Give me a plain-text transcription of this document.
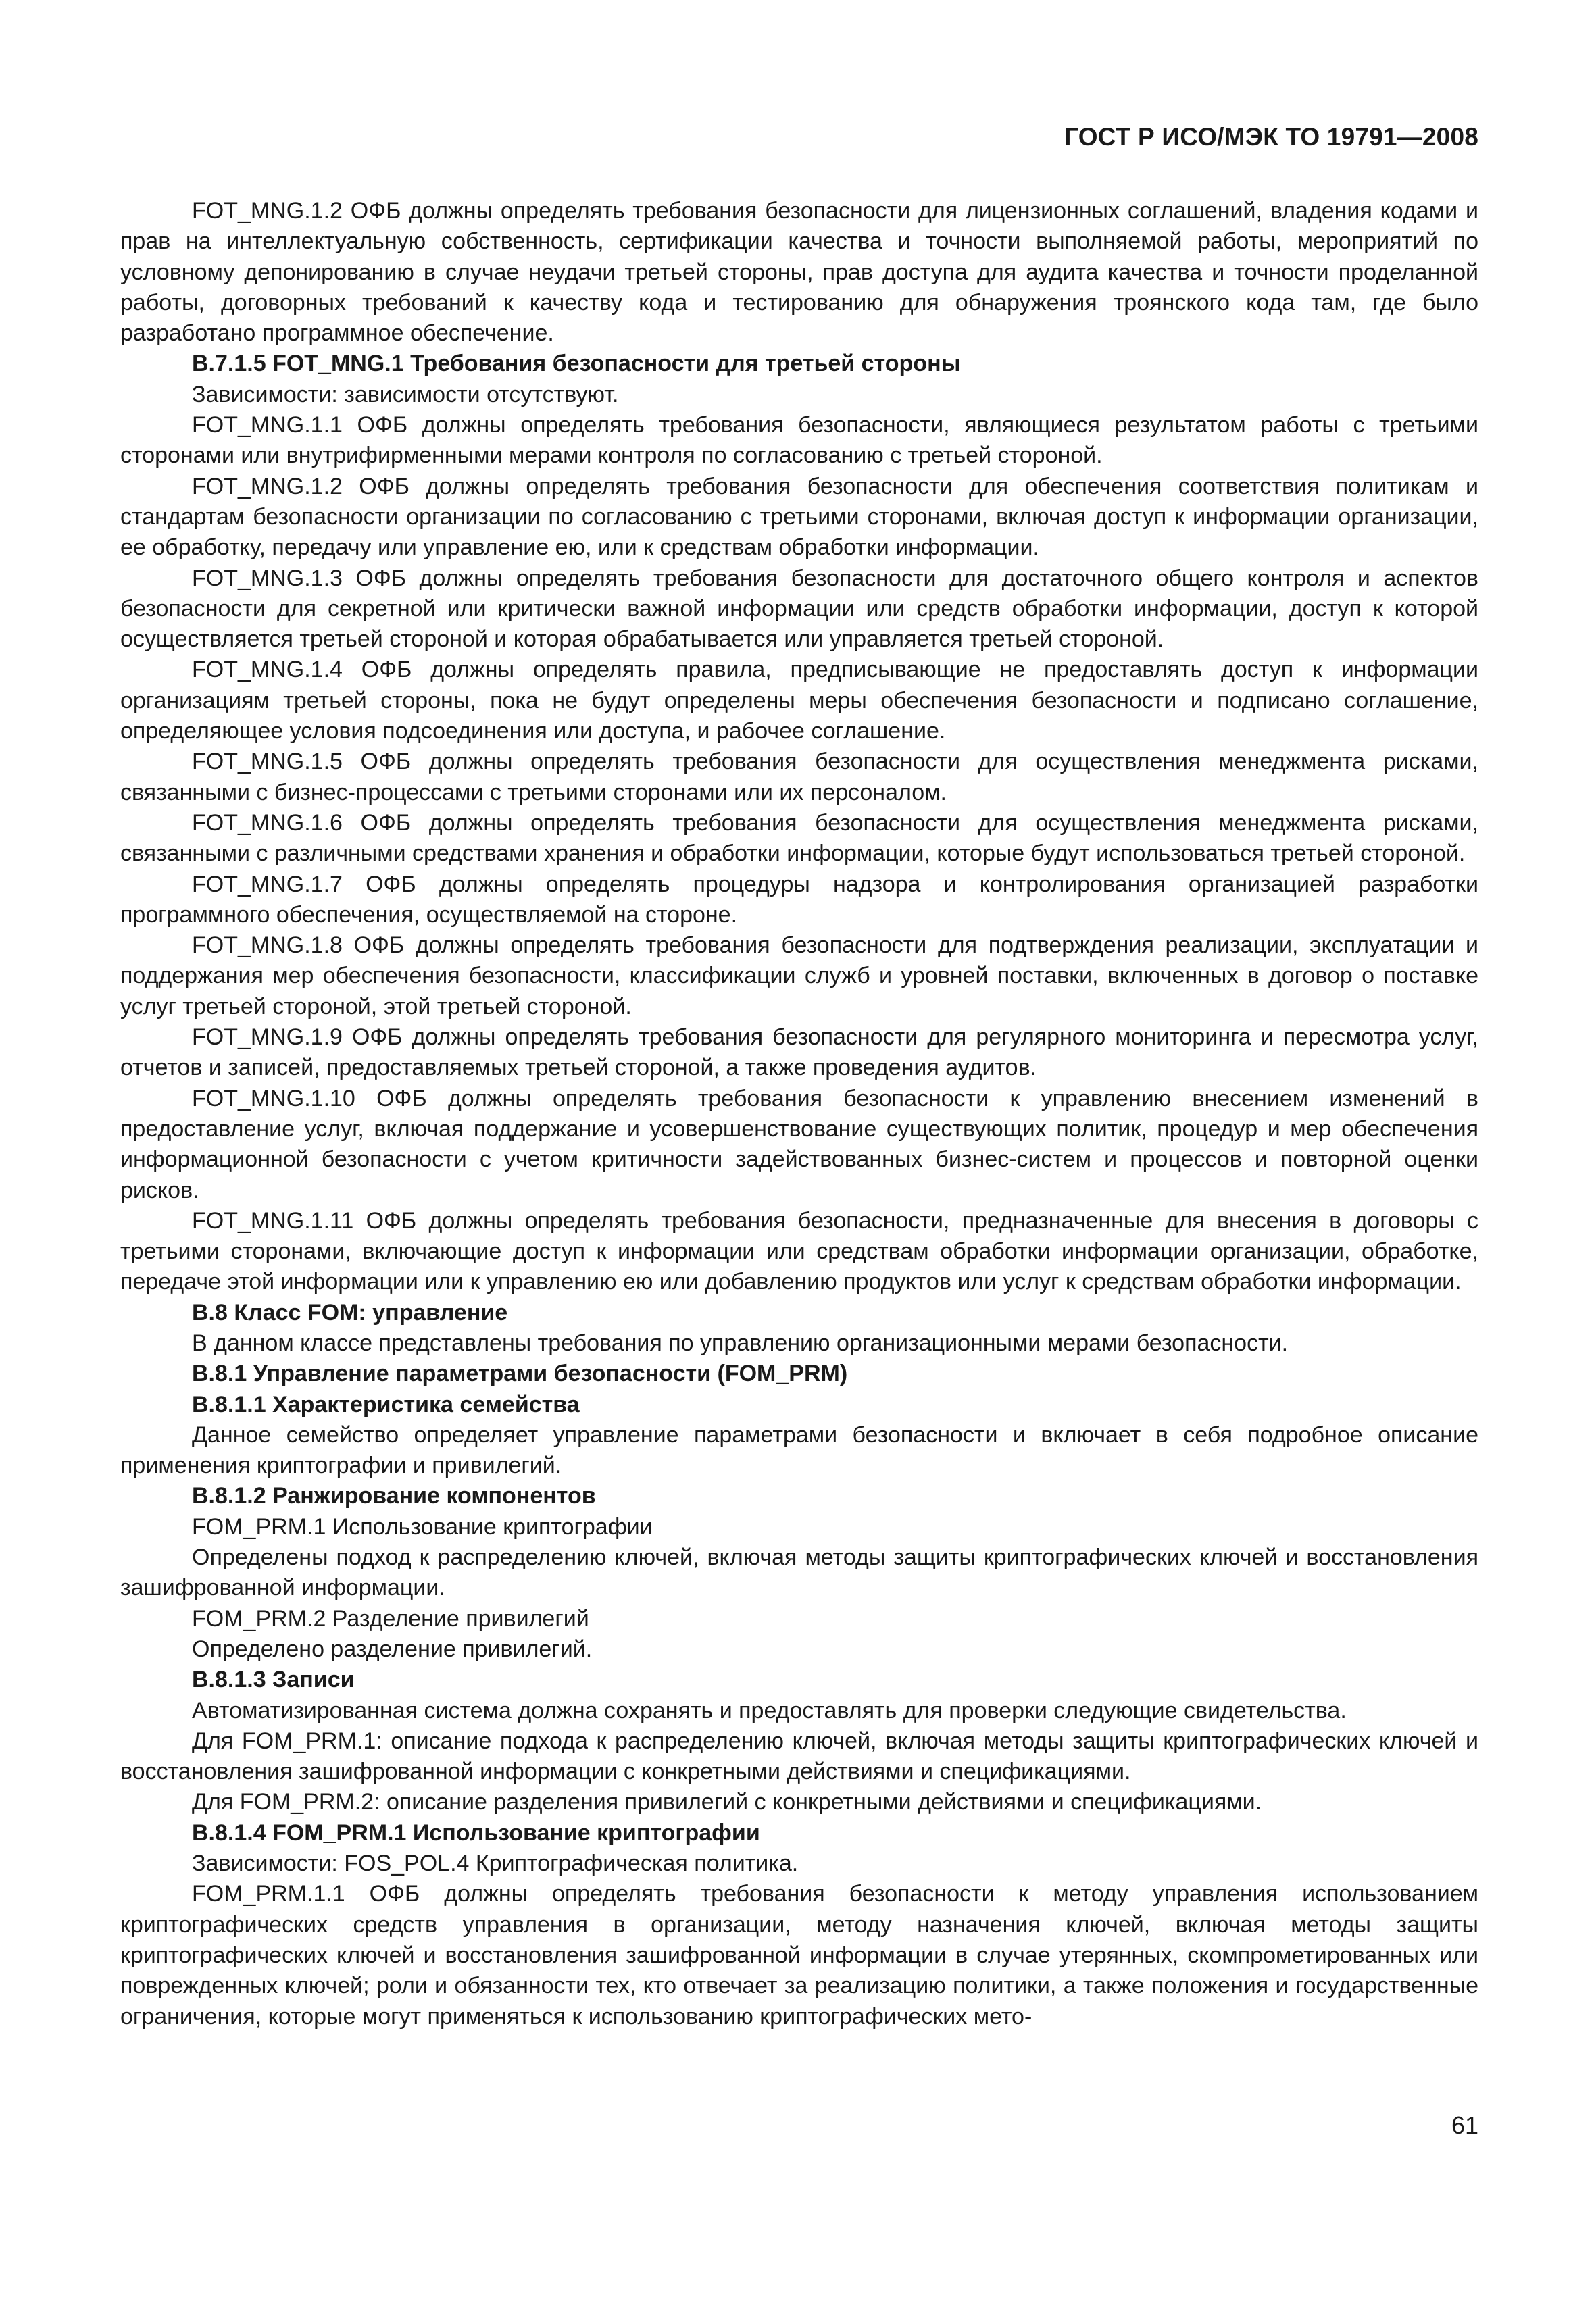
ГОСТ Р ИСО/МЭК ТО 19791—2008

FOT_MNG.1.2 ОФБ должны определять требования безопасности для лицензионных соглашений, владения кодами и прав на интеллектуальную собственность, сертификации качества и точности выполняемой работы, мероприятий по условному депонированию в случае неудачи третьей стороны, прав доступа для аудита качества и точности проделанной работы, договорных требований к качеству кода и тестированию для обнаружения троянского кода там, где было разработано программное обеспечение.

В.7.1.5 FOT_MNG.1 Требования безопасности для третьей стороны

Зависимости: зависимости отсутствуют.

FOT_MNG.1.1 ОФБ должны определять требования безопасности, являющиеся результатом работы с третьими сторонами или внутрифирменными мерами контроля по согласованию с третьей стороной.

FOT_MNG.1.2 ОФБ должны определять требования безопасности для обеспечения соответствия политикам и стандартам безопасности организации по согласованию с третьими сторонами, включая доступ к информации организации, ее обработку, передачу или управление ею, или к средствам обработки информации.

FOT_MNG.1.3 ОФБ должны определять требования безопасности для достаточного общего контроля и аспектов безопасности для секретной или критически важной информации или средств обработки информации, доступ к которой осуществляется третьей стороной и которая обрабатывается или управляется третьей стороной.

FOT_MNG.1.4 ОФБ должны определять правила, предписывающие не предоставлять доступ к информации организациям третьей стороны, пока не будут определены меры обеспечения безопасности и подписано соглашение, определяющее условия подсоединения или доступа, и рабочее соглашение.

FOT_MNG.1.5 ОФБ должны определять требования безопасности для осуществления менеджмента рисками, связанными с бизнес-процессами с третьими сторонами или их персоналом.

FOT_MNG.1.6 ОФБ должны определять требования безопасности для осуществления менеджмента рисками, связанными с различными средствами хранения и обработки информации, которые будут использоваться третьей стороной.

FOT_MNG.1.7 ОФБ должны определять процедуры надзора и контролирования организацией разработки программного обеспечения, осуществляемой на стороне.

FOT_MNG.1.8 ОФБ должны определять требования безопасности для подтверждения реализации, эксплуатации и поддержания мер обеспечения безопасности, классификации служб и уровней поставки, включенных в договор о поставке услуг третьей стороной, этой третьей стороной.

FOT_MNG.1.9 ОФБ должны определять требования безопасности для регулярного мониторинга и пересмотра услуг, отчетов и записей, предоставляемых третьей стороной, а также проведения аудитов.

FOT_MNG.1.10 ОФБ должны определять требования безопасности к управлению внесением изменений в предоставление услуг, включая поддержание и усовершенствование существующих политик, процедур и мер обеспечения информационной безопасности с учетом критичности задействованных бизнес-систем и процессов и повторной оценки рисков.

FOT_MNG.1.11 ОФБ должны определять требования безопасности, предназначенные для внесения в договоры с третьими сторонами, включающие доступ к информации или средствам обработки информации организации, обработке, передаче этой информации или к управлению ею или добавлению продуктов или услуг к средствам обработки информации.

В.8 Класс FOM: управление

В данном классе представлены требования по управлению организационными мерами безопасности.

В.8.1 Управление параметрами безопасности (FOM_PRM)

В.8.1.1 Характеристика семейства

Данное семейство определяет управление параметрами безопасности и включает в себя подробное описание применения криптографии и привилегий.

В.8.1.2 Ранжирование компонентов

FOM_PRM.1 Использование криптографии

Определены подход к распределению ключей, включая методы защиты криптографических ключей и восстановления зашифрованной информации.

FOM_PRM.2 Разделение привилегий

Определено разделение привилегий.

В.8.1.3 Записи

Автоматизированная система должна сохранять и предоставлять для проверки следующие свидетельства.

Для FOM_PRM.1: описание подхода к распределению ключей, включая методы защиты криптографических ключей и восстановления зашифрованной информации с конкретными действиями и спецификациями.

Для FOM_PRM.2: описание разделения привилегий с конкретными действиями и спецификациями.

В.8.1.4 FOM_PRM.1 Использование криптографии

Зависимости: FOS_POL.4 Криптографическая политика.

FOM_PRM.1.1 ОФБ должны определять требования безопасности к методу управления использованием криптографических средств управления в организации, методу назначения ключей, включая методы защиты криптографических ключей и восстановления зашифрованной информации в случае утерянных, скомпрометированных или поврежденных ключей; роли и обязанности тех, кто отвечает за реализацию политики, а также положения и государственные ограничения, которые могут применяться к использованию криптографических мето-

61
